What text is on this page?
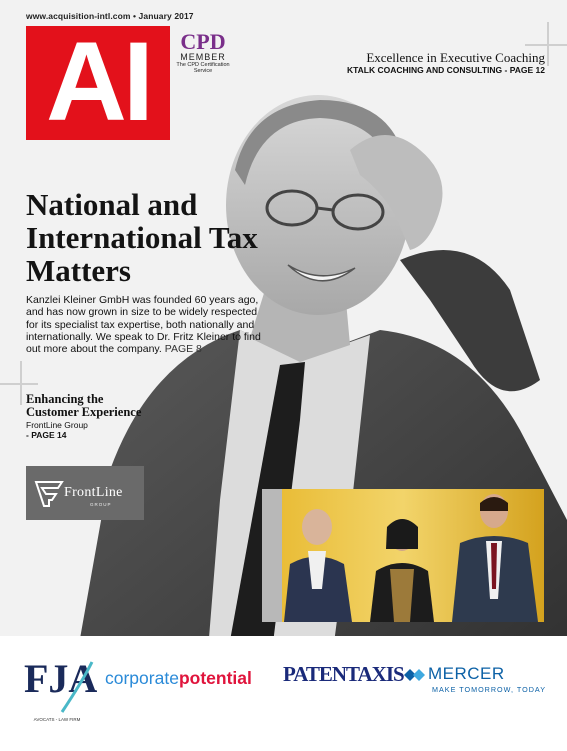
www.acquisition-intl.com • January 2017
AI	CPD
MEMBER
The CPD Certification Service
Excellence in Executive Coaching
KTALK COACHING AND CONSULTING - PAGE 12
National and International Tax Matters
Kanzlei Kleiner GmbH was founded 60 years ago, and has now grown in size to be widely respected for its specialist tax expertise, both nationally and internationally. We speak to Dr. Fritz Kleiner to find out more about the company. PAGE 8
Enhancing the Customer Experience
FrontLine Group
- PAGE 14
FrontLine
GROUP
FJA
AVOCATS - LAW FIRM
corporatepotential PATENTAXIS MERCER
MAKE TOMORROW, TODAY
